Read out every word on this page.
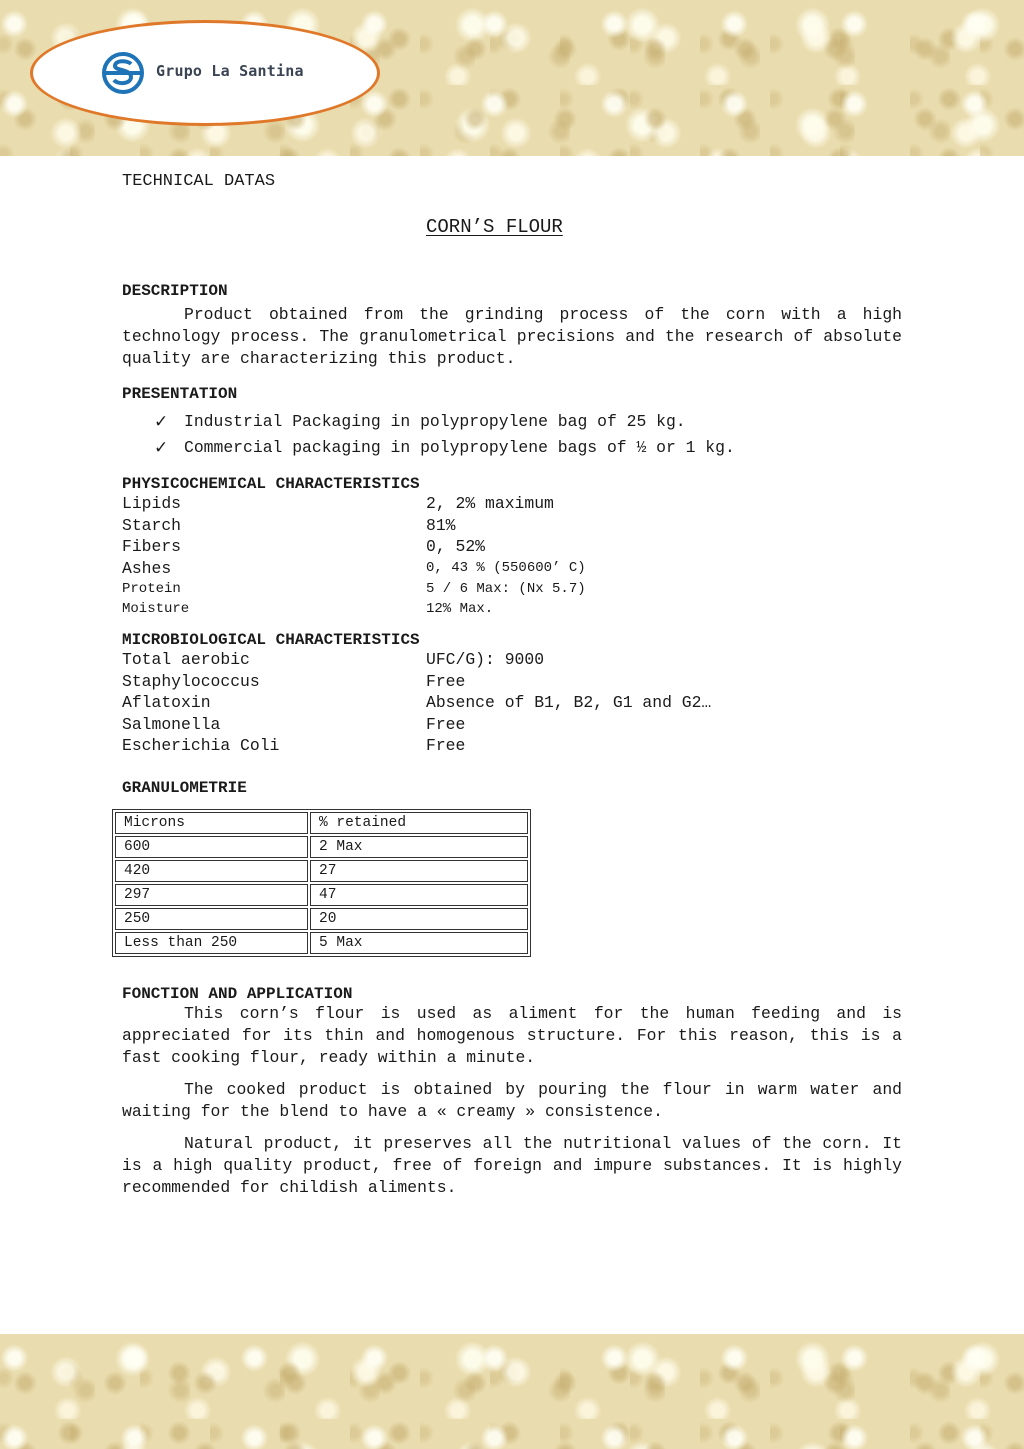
Grupo La Santina

TECHNICAL DATAS

CORN’S FLOUR
DESCRIPTION

Product obtained from the grinding process of the corn with a high technology process. The granulometrical precisions and the research of absolute quality are characterizing this product.

PRESENTATION
✓ Industrial Packaging in polypropylene bag of 25 kg.
✓ Commercial packaging in polypropylene bags of ½ or 1 kg.
PHYSICOCHEMICAL CHARACTERISTICS
Lipids	2, 2% maximum
Starch	81%
Fibers	0, 52%
Ashes	0, 43 % (550600’ C)
Protein	5 / 6 Max: (Nx 5.7)
Moisture	12% Max.
MICROBIOLOGICAL CHARACTERISTICS
Total aerobic	UFC/G): 9000
Staphylococcus	Free
Aflatoxin	Absence of B1, B2, G1 and G2…
Salmonella	Free
Escherichia Coli	Free
GRANULOMETRIE
Microns	% retained
600	2 Max
420	27
297	47
250	20
Less than 250	5 Max
FONCTION AND APPLICATION

This corn’s flour is used as aliment for the human feeding and is appreciated for its thin and homogenous structure. For this reason, this is a fast cooking flour, ready within a minute.

The cooked product is obtained by pouring the flour in warm water and waiting for the blend to have a « creamy » consistence.

Natural product, it preserves all the nutritional values of the corn. It is a high quality product, free of foreign and impure substances. It is highly recommended for childish aliments.
